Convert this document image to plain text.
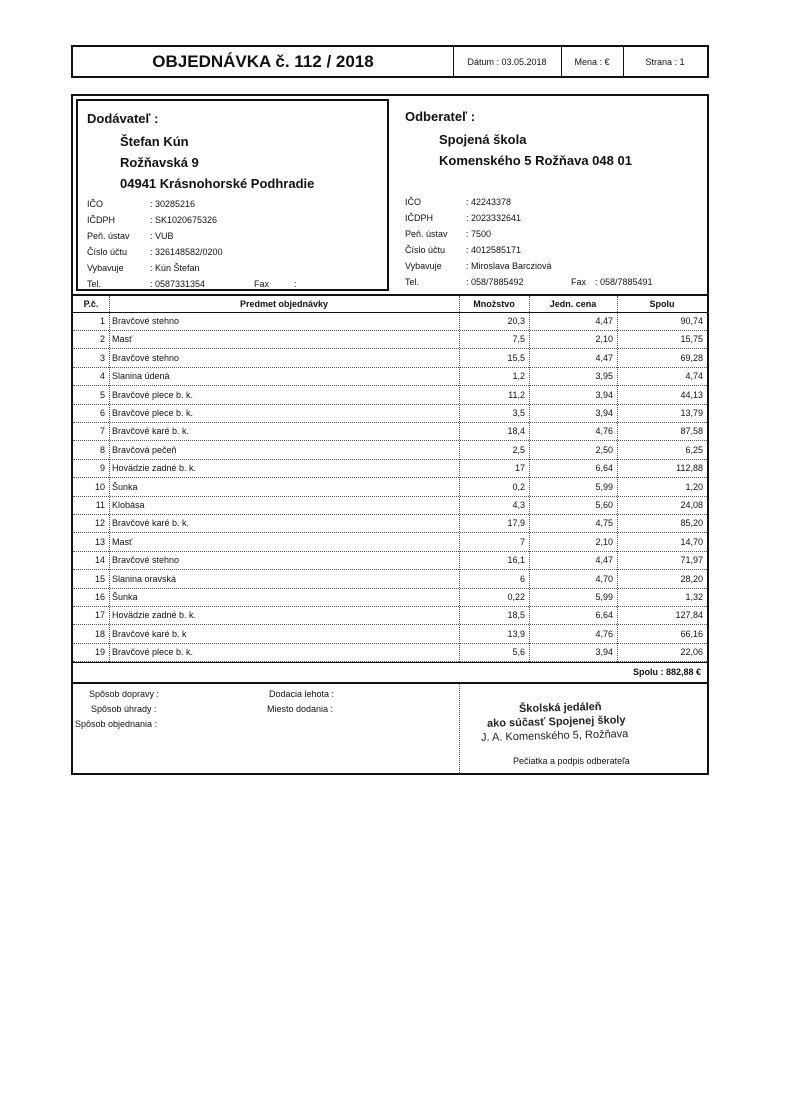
OBJEDNÁVKA č. 112 / 2018	Dátum : 03.05.2018	Mena : €	Strana : 1
Dodávateľ :
Štefan Kún
Rožňavská 9
04941 Krásnohorské Podhradie
IČO	: 30285216
IČDPH	: SK1020675326
Peň. ústav : VUB
Číslo účtu	: 326148582/0200
Vybavuje	: Kún Štefan
Tel.	: 0587331354	Fax	:
Odberateľ :
Spojená škola
Komenského 5 Rožňava 048 01
IČO	: 42243378
IČDPH	: 2023332641
Peň. ústav : 7500
Číslo účtu : 4012585171
Vybavuje	: Miroslava Barcziová
Tel.	: 058/7885492	Fax : 058/7885491
P.č.	Predmet objednávky	Množstvo	Jedn. cena	Spolu
1 Bravčové stehno	20,3	4,47	90,74
2 Masť	7,5	2,10	15,75
3 Bravčové stehno	15,5	4,47	69,28
4 Slanina údená	1,2	3,95	4,74
5 Bravčové plece b. k.	11,2	3,94	44,13
6 Bravčové plece b. k.	3,5	3,94	13,79
7 Bravčové karé b. k.	18,4	4,76	87,58
8 Bravčová pečeň	2,5	2,50	6,25
9 Hovädzie zadné b. k.	17	6,64	112,88
10 Šunka	0,2	5,99	1,20
11 Klobása	4,3	5,60	24,08
12 Bravčové karé b. k.	17,9	4,75	85,20
13 Masť	7	2,10	14,70
14 Bravčové stehno	16,1	4,47	71,97
15 Slanina oravská	6	4,70	28,20
16 Šunka	0,22	5,99	1,32
17 Hovädzie zadné b. k.	18,5	6,64	127,84
18 Bravčové karé b. k	13,9	4,76	66,16
19 Bravčové plece b. k.	5,6	3,94	22,06
Spolu : 882,88 €
Spôsob dopravy :
Spôsob úhrady :
Spôsob objednania :
Dodacia lehota :
Miesto dodania :	Školská jedáleň
ako súčasť Spojenej školy
J. A. Komenského 5, Rožňava
Pečiatka a podpis odberateľa
